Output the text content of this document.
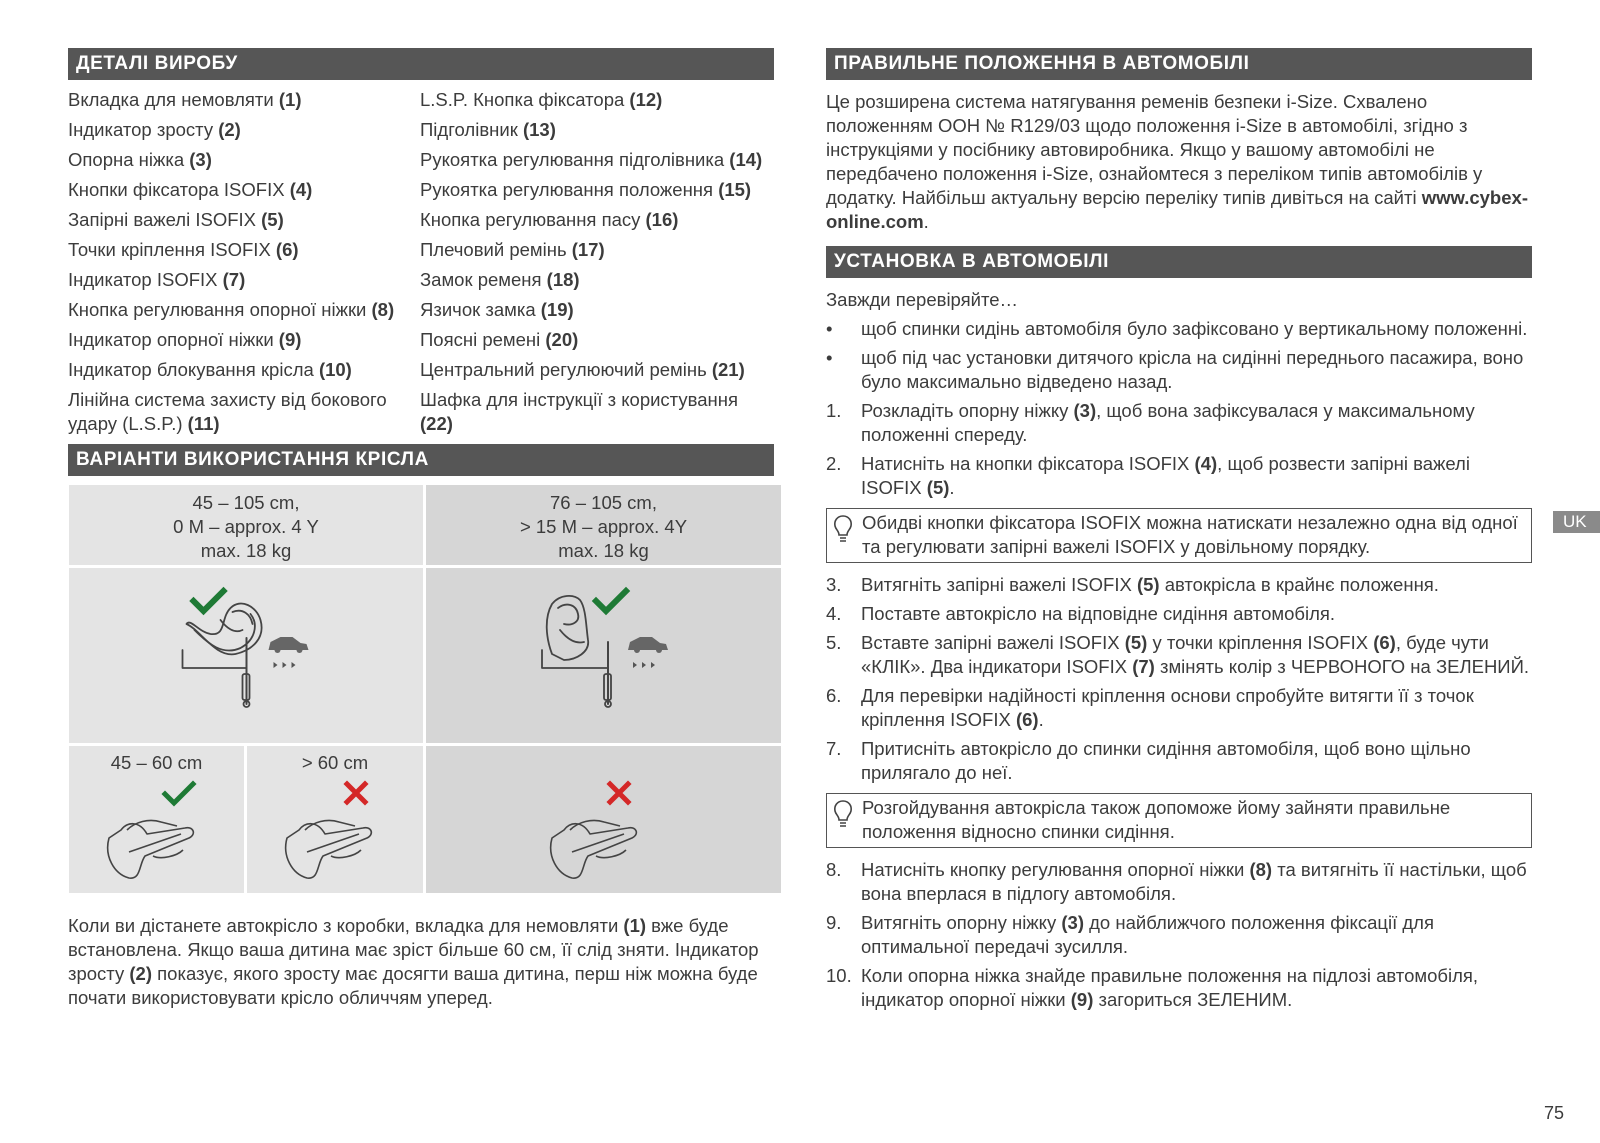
ДЕТАЛІ ВИРОБУ
Вкладка для немовляти (1)
Індикатор зросту (2)
Опорна ніжка (3)
Кнопки фіксатора ISOFIX (4)
Запірні важелі ISOFIX (5)
Точки кріплення ISOFIX (6)
Індикатор ISOFIX (7)
Кнопка регулювання опорної ніжки (8)
Індикатор опорної ніжки (9)
Індикатор блокування крісла (10)
Лінійна система захисту від бокового удару (L.S.P.) (11)
L.S.P. Кнопка фіксатора (12)
Підголівник (13)
Рукоятка регулювання підголівника (14)
Рукоятка регулювання положення (15)
Кнопка регулювання пасу (16)
Плечовий ремінь (17)
Замок ременя (18)
Язичок замка (19)
Поясні ремені (20)
Центральний регулюючий ремінь (21)
Шафка для інструкції з користування (22)
ВАРІАНТИ ВИКОРИСТАННЯ КРІСЛА
45 – 105 cm,
0 M – approx. 4 Y
max. 18 kg
76 – 105 cm,
> 15 M – approx. 4Y
max. 18 kg
45 – 60 cm	> 60 cm

Коли ви дістанете автокрісло з коробки, вкладка для немовляти (1) вже буде встановлена. Якщо ваша дитина має зріст більше 60 см, її слід зняти. Індикатор зросту (2) показує, якого зросту має досягти ваша дитина, перш ніж можна буде почати використовувати крісло обличчям уперед.

ПРАВИЛЬНЕ ПОЛОЖЕННЯ В АВТОМОБІЛІ

Це розширена система натягування ременів безпеки i-Size. Схвалено положенням ООН № R129/03 щодо положення i-Size в автомобілі, згідно з інструкціями у посібнику автовиробника. Якщо у вашому автомобілі не передбачено положення i-Size, ознайомтеся з переліком типів автомобілів у додатку. Найбільш актуальну версію переліку типів дивіться на сайті www.cybex-online.com.

УСТАНОВКА В АВТОМОБІЛІ
Завжди перевіряйте…
• щоб спинки сидінь автомобіля було зафіксовано у вертикальному положенні.
• щоб під час установки дитячого крісла на сидінні переднього пасажира, воно було максимально відведено назад.
1. Розкладіть опорну ніжку (3), щоб вона зафіксувалася у максимальному положенні спереду.
2. Натисніть на кнопки фіксатора ISOFIX (4), щоб розвести запірні важелі ISOFIX (5).
Обидві кнопки фіксатора ISOFIX можна натискати незалежно одна від одної та регулювати запірні важелі ISOFIX у довільному порядку.
3. Витягніть запірні важелі ISOFIX (5) автокрісла в крайнє положення.
4. Поставте автокрісло на відповідне сидіння автомобіля.
5. Вставте запірні важелі ISOFIX (5) у точки кріплення ISOFIX (6), буде чути «КЛІК». Два індикатори ISOFIX (7) змінять колір з ЧЕРВОНОГО на ЗЕЛЕНИЙ.
6. Для перевірки надійності кріплення основи спробуйте витягти її з точок кріплення ISOFIX (6).
7. Притисніть автокрісло до спинки сидіння автомобіля, щоб воно щільно прилягало до неї.
Розгойдування автокрісла також допоможе йому зайняти правильне положення відносно спинки сидіння.
8. Натисніть кнопку регулювання опорної ніжки (8) та витягніть її настільки, щоб вона вперлася в підлогу автомобіля.
9. Витягніть опорну ніжку (3) до найближчого положення фіксації для оптимальної передачі зусилля.
10. Коли опорна ніжка знайде правильне положення на підлозі автомобіля, індикатор опорної ніжки (9) загориться ЗЕЛЕНИМ.
UK
75
